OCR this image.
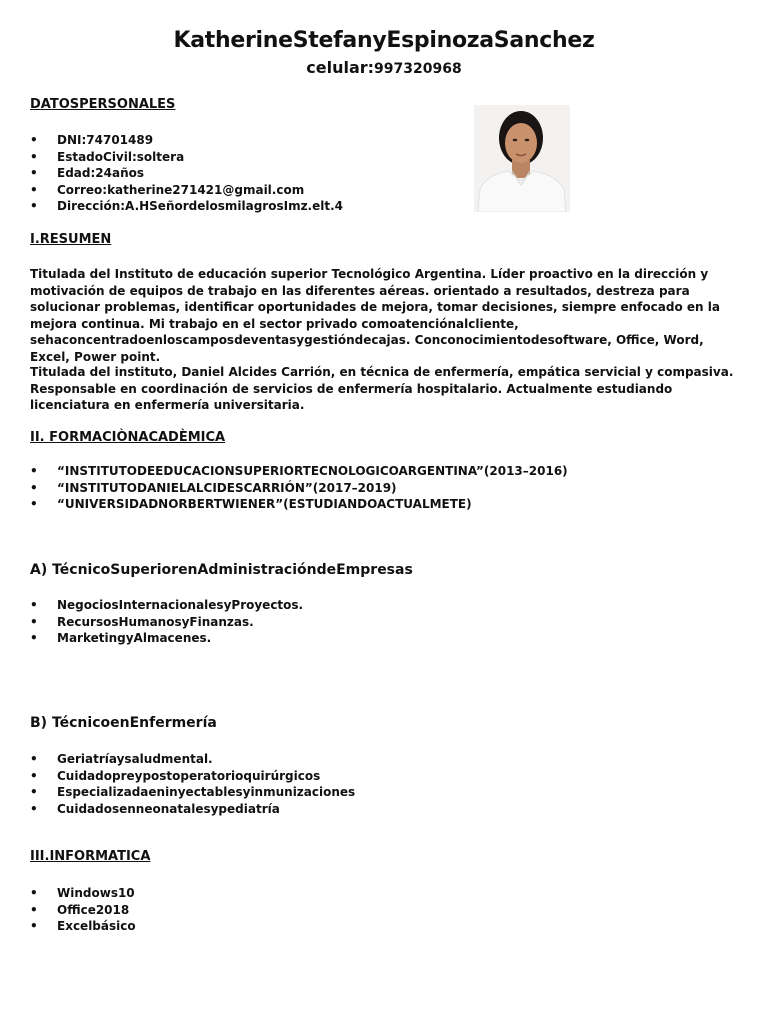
KatherineStefanyEspinozaSanchez
celular:997320968
DATOSPERSONALES
• DNI:74701489
• EstadoCivil:soltera
• Edad:24años
• Correo:katherine271421@gmail.com
• Dirección:A.HSeñordelosmilagrosImz.elt.4
I.RESUMEN

Titulada del Instituto de educación superior Tecnológico Argentina. Líder proactivo en la dirección y motivación de equipos de trabajo en las diferentes aéreas. orientado a resultados, destreza para solucionar problemas, identificar oportunidades de mejora, tomar decisiones, siempre enfocado en la mejora continua. Mi trabajo en el sector privado comoatenciónalcliente, sehaconcentradoenloscamposdeventasygestióndecajas. Conconocimientodesoftware, Office, Word, Excel, Power point.

Titulada del instituto, Daniel Alcides Carrión, en técnica de enfermería, empática servicial y compasiva. Responsable en coordinación de servicios de enfermería hospitalario. Actualmente estudiando licenciatura en enfermería universitaria.

II. FORMACIÒNACADÈMICA
• “INSTITUTODEEDUCACIONSUPERIORTECNOLOGICOARGENTINA”(2013–2016)
• “INSTITUTODANIELALCIDESCARRIÓN”(2017–2019)
• “UNIVERSIDADNORBERTWIENER”(ESTUDIANDOACTUALMETE)
A) TécnicoSuperiorenAdministracióndeEmpresas
• NegociosInternacionalesyProyectos.
• RecursosHumanosyFinanzas.
• MarketingyAlmacenes.
B) TécnicoenEnfermería
• Geriatríaysaludmental.
• Cuidadopreypostoperatorioquirúrgicos
• Especializadaeninyectablesyinmunizaciones
• Cuidadosenneonatalesypediatría
III.INFORMATICA
• Windows10
• Office2018
• Excelbásico
